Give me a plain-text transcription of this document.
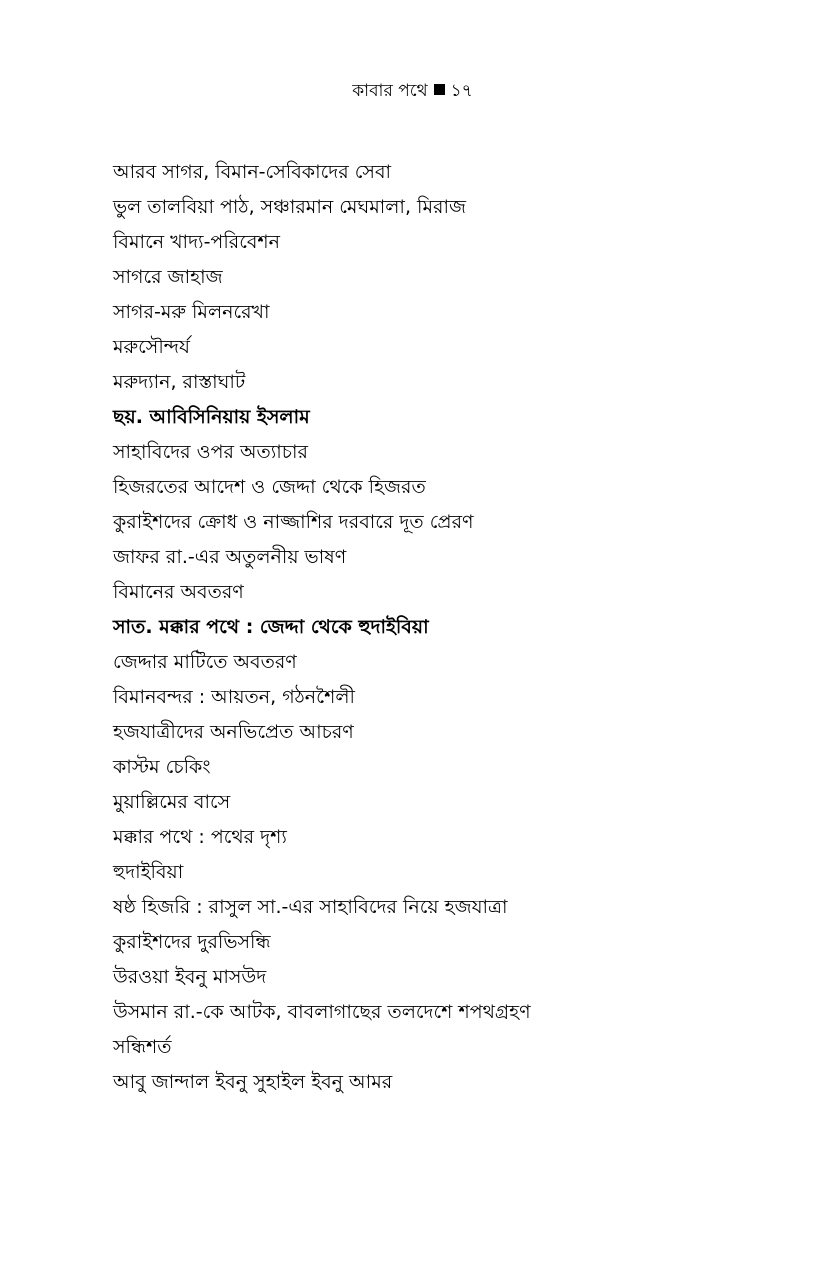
কাবার পথে ১৭
আরব সাগর, বিমান-সেবিকাদের সেবা
ভুল তালবিয়া পাঠ, সঞ্চারমান মেঘমালা, মিরাজ
বিমানে খাদ্য-পরিবেশন
সাগরে জাহাজ
সাগর-মরু মিলনরেখা
মরুসৌন্দর্য
মরুদ্যান, রাস্তাঘাট
ছয়. আবিসিনিয়ায় ইসলাম
সাহাবিদের ওপর অত্যাচার
হিজরতের আদেশ ও জেদ্দা থেকে হিজরত
কুরাইশদের ক্রোধ ও নাজ্জাশির দরবারে দূত প্রেরণ
জাফর রা.-এর অতুলনীয় ভাষণ
বিমানের অবতরণ
সাত. মক্কার পথে : জেদ্দা থেকে হুদাইবিয়া
জেদ্দার মাটিতে অবতরণ
বিমানবন্দর : আয়তন, গঠনশৈলী
হজযাত্রীদের অনভিপ্রেত আচরণ
কাস্টম চেকিং
মুয়াল্লিমের বাসে
মক্কার পথে : পথের দৃশ্য
হুদাইবিয়া
ষষ্ঠ হিজরি : রাসুল সা.-এর সাহাবিদের নিয়ে হজযাত্রা
কুরাইশদের দুরভিসন্ধি
উরওয়া ইবনু মাসউদ
উসমান রা.-কে আটক, বাবলাগাছের তলদেশে শপথগ্রহণ
সন্ধিশর্ত
আবু জান্দাল ইবনু সুহাইল ইবনু আমর
